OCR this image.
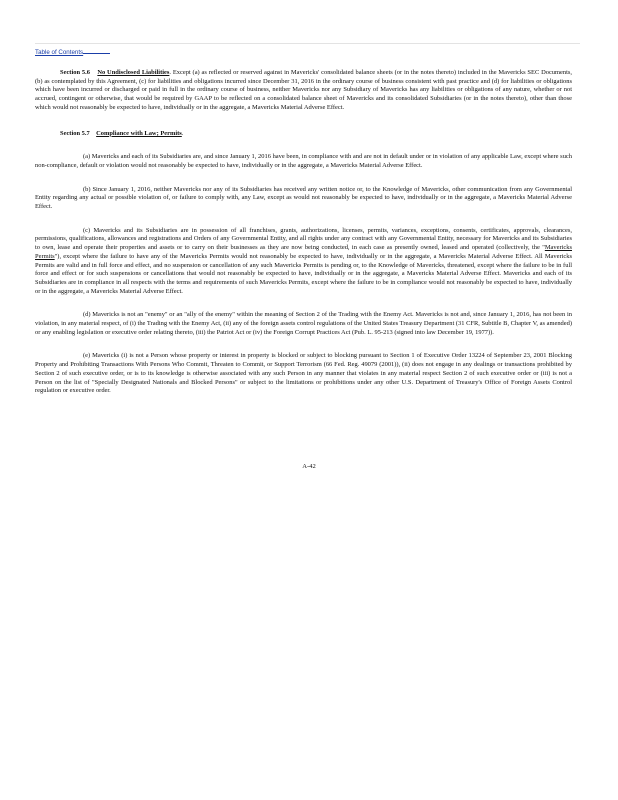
Table of Contents

Section 5.6 No Undisclosed Liabilities. Except (a) as reflected or reserved against in Mavericks' consolidated balance sheets (or in the notes thereto) included in the Mavericks SEC Documents, (b) as contemplated by this Agreement, (c) for liabilities and obligations incurred since December 31, 2016 in the ordinary course of business consistent with past practice and (d) for liabilities or obligations which have been incurred or discharged or paid in full in the ordinary course of business, neither Mavericks nor any Subsidiary of Mavericks has any liabilities or obligations of any nature, whether or not accrued, contingent or otherwise, that would be required by GAAP to be reflected on a consolidated balance sheet of Mavericks and its consolidated Subsidiaries (or in the notes thereto), other than those which would not reasonably be expected to have, individually or in the aggregate, a Mavericks Material Adverse Effect.

Section 5.7 Compliance with Law; Permits.

(a) Mavericks and each of its Subsidiaries are, and since January 1, 2016 have been, in compliance with and are not in default under or in violation of any applicable Law, except where such non-compliance, default or violation would not reasonably be expected to have, individually or in the aggregate, a Mavericks Material Adverse Effect.

(b) Since January 1, 2016, neither Mavericks nor any of its Subsidiaries has received any written notice or, to the Knowledge of Mavericks, other communication from any Governmental Entity regarding any actual or possible violation of, or failure to comply with, any Law, except as would not reasonably be expected to have, individually or in the aggregate, a Mavericks Material Adverse Effect.

(c) Mavericks and its Subsidiaries are in possession of all franchises, grants, authorizations, licenses, permits, variances, exceptions, consents, certificates, approvals, clearances, permissions, qualifications, allowances and registrations and Orders of any Governmental Entity, and all rights under any contract with any Governmental Entity, necessary for Mavericks and its Subsidiaries to own, lease and operate their properties and assets or to carry on their businesses as they are now being conducted, in each case as presently owned, leased and operated (collectively, the "Mavericks Permits"), except where the failure to have any of the Mavericks Permits would not reasonably be expected to have, individually or in the aggregate, a Mavericks Material Adverse Effect. All Mavericks Permits are valid and in full force and effect, and no suspension or cancellation of any such Mavericks Permits is pending or, to the Knowledge of Mavericks, threatened, except where the failure to be in full force and effect or for such suspensions or cancellations that would not reasonably be expected to have, individually or in the aggregate, a Mavericks Material Adverse Effect. Mavericks and each of its Subsidiaries are in compliance in all respects with the terms and requirements of such Mavericks Permits, except where the failure to be in compliance would not reasonably be expected to have, individually or in the aggregate, a Mavericks Material Adverse Effect.

(d) Mavericks is not an "enemy" or an "ally of the enemy" within the meaning of Section 2 of the Trading with the Enemy Act. Mavericks is not and, since January 1, 2016, has not been in violation, in any material respect, of (i) the Trading with the Enemy Act, (ii) any of the foreign assets control regulations of the United States Treasury Department (31 CFR, Subtitle B, Chapter V, as amended) or any enabling legislation or executive order relating thereto, (iii) the Patriot Act or (iv) the Foreign Corrupt Practices Act (Pub. L. 95-213 (signed into law December 19, 1977)).

(e) Mavericks (i) is not a Person whose property or interest in property is blocked or subject to blocking pursuant to Section 1 of Executive Order 13224 of September 23, 2001 Blocking Property and Prohibiting Transactions With Persons Who Commit, Threaten to Commit, or Support Terrorism (66 Fed. Reg. 49079 (2001)), (ii) does not engage in any dealings or transactions prohibited by Section 2 of such executive order, or is to its knowledge is otherwise associated with any such Person in any manner that violates in any material respect Section 2 of such executive order or (iii) is not a Person on the list of "Specially Designated Nationals and Blocked Persons" or subject to the limitations or prohibitions under any other U.S. Department of Treasury's Office of Foreign Assets Control regulation or executive order.

A-42
